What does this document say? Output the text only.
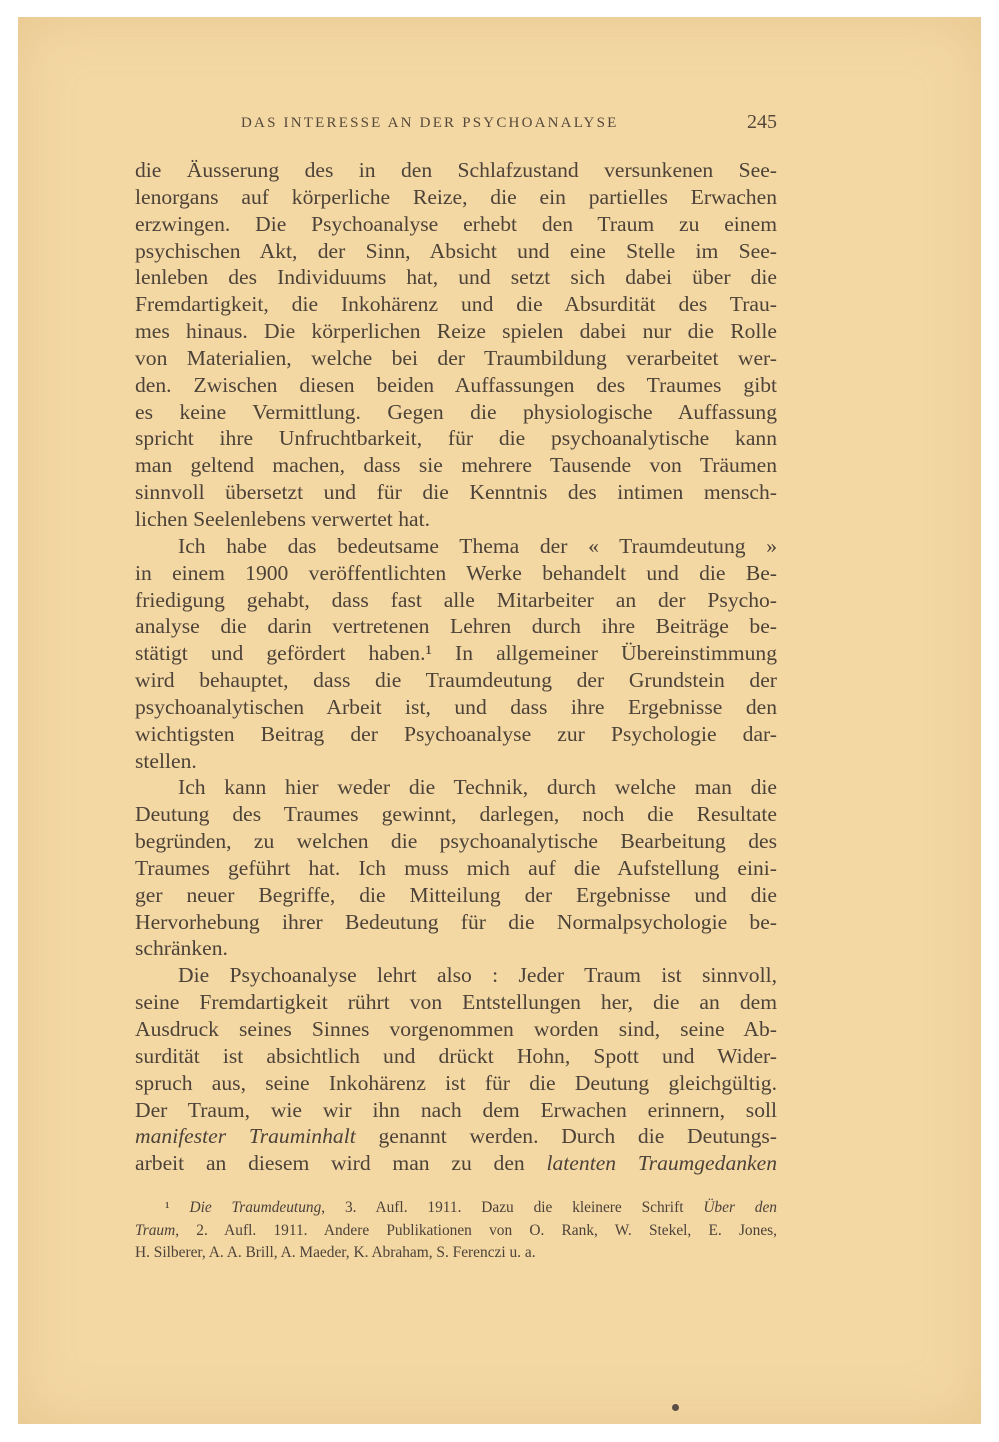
DAS INTERESSE AN DER PSYCHOANALYSE	245
die Äusserung des in den Schlafzustand versunkenen See-
lenorgans auf körperliche Reize, die ein partielles Erwachen
erzwingen. Die Psychoanalyse erhebt den Traum zu einem
psychischen Akt, der Sinn, Absicht und eine Stelle im See-
lenleben des Individuums hat, und setzt sich dabei über die
Fremdartigkeit, die Inkohärenz und die Absurdität des Trau-
mes hinaus. Die körperlichen Reize spielen dabei nur die Rolle
von Materialien, welche bei der Traumbildung verarbeitet wer-
den. Zwischen diesen beiden Auffassungen des Traumes gibt
es keine Vermittlung. Gegen die physiologische Auffassung
spricht ihre Unfruchtbarkeit, für die psychoanalytische kann
man geltend machen, dass sie mehrere Tausende von Träumen
sinnvoll übersetzt und für die Kenntnis des intimen mensch-
lichen Seelenlebens verwertet hat.
Ich habe das bedeutsame Thema der « Traumdeutung »
in einem 1900 veröffentlichten Werke behandelt und die Be-
friedigung gehabt, dass fast alle Mitarbeiter an der Psycho-
analyse die darin vertretenen Lehren durch ihre Beiträge be-
stätigt und gefördert haben.¹ In allgemeiner Übereinstimmung
wird behauptet, dass die Traumdeutung der Grundstein der
psychoanalytischen Arbeit ist, und dass ihre Ergebnisse den
wichtigsten Beitrag der Psychoanalyse zur Psychologie dar-
stellen.
Ich kann hier weder die Technik, durch welche man die
Deutung des Traumes gewinnt, darlegen, noch die Resultate
begründen, zu welchen die psychoanalytische Bearbeitung des
Traumes geführt hat. Ich muss mich auf die Aufstellung eini-
ger neuer Begriffe, die Mitteilung der Ergebnisse und die
Hervorhebung ihrer Bedeutung für die Normalpsychologie be-
schränken.
Die Psychoanalyse lehrt also : Jeder Traum ist sinnvoll,
seine Fremdartigkeit rührt von Entstellungen her, die an dem
Ausdruck seines Sinnes vorgenommen worden sind, seine Ab-
surdität ist absichtlich und drückt Hohn, Spott und Wider-
spruch aus, seine Inkohärenz ist für die Deutung gleichgültig.
Der Traum, wie wir ihn nach dem Erwachen erinnern, soll
manifester Trauminhalt genannt werden. Durch die Deutungs-
arbeit an diesem wird man zu den latenten Traumgedanken
¹ Die Traumdeutung, 3. Aufl. 1911. Dazu die kleinere Schrift Über den
Traum, 2. Aufl. 1911. Andere Publikationen von O. Rank, W. Stekel, E. Jones,
H. Silberer, A. A. Brill, A. Maeder, K. Abraham, S. Ferenczi u. a.
